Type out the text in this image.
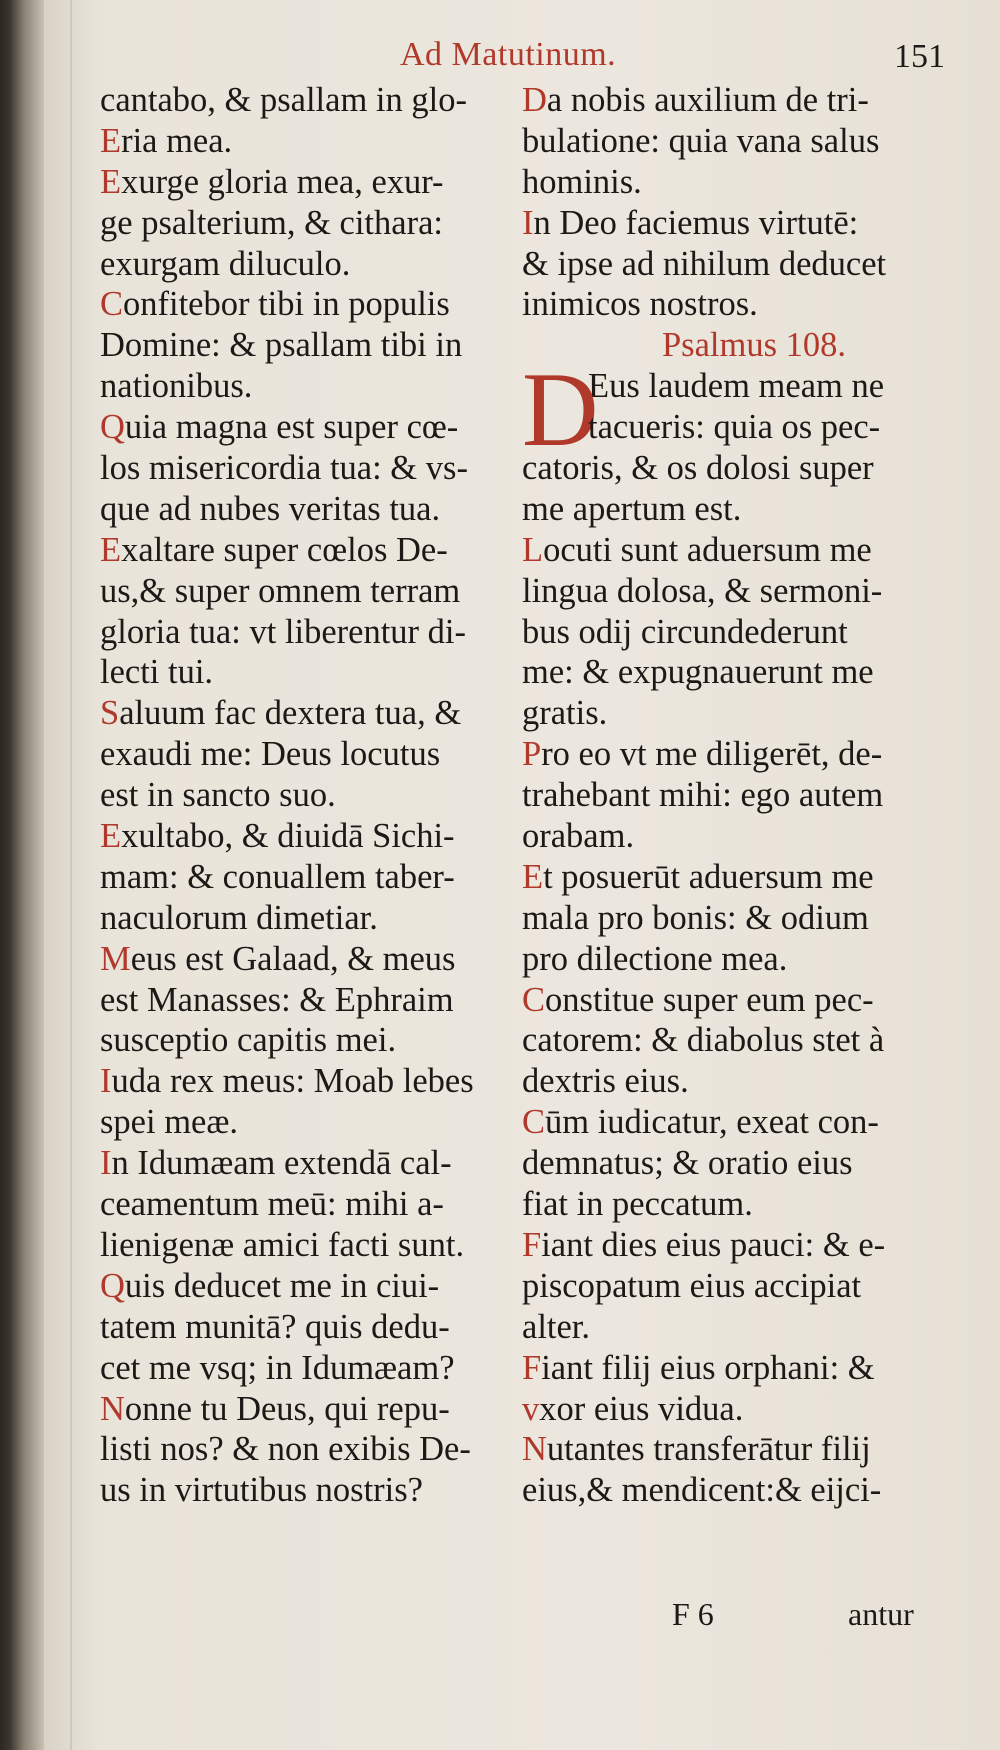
Ad Matutinum.	151
cantabo, & psallam in glo-
Eria mea.
Exurge gloria mea, exur-
ge psalterium, & cithara:
exurgam diluculo.
Confitebor tibi in populis
Domine: & psallam tibi in
nationibus.
Quia magna est super cœ-
los misericordia tua: & vs-
que ad nubes veritas tua.
Exaltare super cœlos De-
us,& super omnem terram
gloria tua: vt liberentur di-
lecti tui.
Saluum fac dextera tua, &
exaudi me: Deus locutus
est in sancto suo.
Exultabo, & diuidā Sichi-
mam: & conuallem taber-
naculorum dimetiar.
Meus est Galaad, & meus
est Manasses: & Ephraim
susceptio capitis mei.
Iuda rex meus: Moab lebes
spei meæ.
In Idumæam extendā cal-
ceamentum meū: mihi a-
lienigenæ amici facti sunt.
Quis deducet me in ciui-
tatem munitā? quis dedu-
cet me vsq; in Idumæam?
Nonne tu Deus, qui repu-
listi nos? & non exibis De-
us in virtutibus nostris?
Da nobis auxilium de tri-
bulatione: quia vana salus
hominis.
In Deo faciemus virtutē:
& ipse ad nihilum deducet
inimicos nostros.
Psalmus 108.
D
Eus laudem meam ne
tacueris: quia os pec-
catoris, & os dolosi super
me apertum est.
Locuti sunt aduersum me
lingua dolosa, & sermoni-
bus odij circundederunt
me: & expugnauerunt me
gratis.
Pro eo vt me diligerēt, de-
trahebant mihi: ego autem
orabam.
Et posuerūt aduersum me
mala pro bonis: & odium
pro dilectione mea.
Constitue super eum pec-
catorem: & diabolus stet à
dextris eius.
Cūm iudicatur, exeat con-
demnatus; & oratio eius
fiat in peccatum.
Fiant dies eius pauci: & e-
piscopatum eius accipiat
alter.
Fiant filij eius orphani: &
vxor eius vidua.
Nutantes transferātur filij
eius,& mendicent:& eijci-
F 6	antur
